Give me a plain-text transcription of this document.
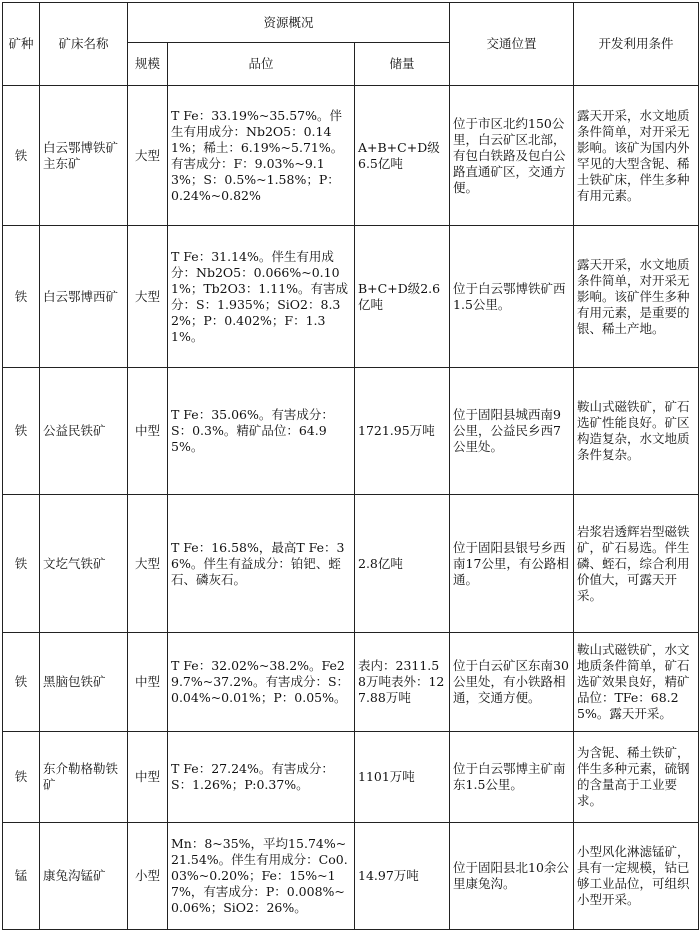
矿种	矿床名称	资源概况			交通位置	开发利用条件
		规模	品位	储量		
铁	白云鄂博铁矿主东矿	大型	T Fe：33.19%~35.57%。伴生有用成分：Nb2O5：0.141%；稀土：6.19%~5.71%。有害成分：F：9.03%~9.13%；S：0.5%~1.58%；P：0.24%~0.82%	A+B+C+D级6.5亿吨	位于市区北约150公里，白云矿区北部，有包白铁路及包白公路直通矿区，交通方便。	露天开采，水文地质条件简单，对开采无影响。该矿为国内外罕见的大型含铌、稀土铁矿床，伴生多种有用元素。
铁	白云鄂博西矿	大型	T Fe：31.14%。伴生有用成分：Nb2O5：0.066%~0.101%；Tb2O3：1.11%。有害成分：S：1.935%；SiO2：8.32%；P：0.402%；F：1.31%。	B+C+D级2.6亿吨	位于白云鄂博铁矿西1.5公里。	露天开采，水文地质条件简单，对开采无影响。该矿伴生多种有用元素，是重要的银、稀土产地。
铁	公益民铁矿	中型	T Fe：35.06%。有害成分：S：0.3%。精矿品位：64.95%。	1721.95万吨	位于固阳县城西南9公里，公益民乡西7公里处。	鞍山式磁铁矿，矿石选矿性能良好。矿区构造复杂，水文地质条件复杂。
铁	文圪气铁矿	大型	T Fe：16.58%，最高T Fe：36%。伴生有益成分：铂钯、蛭石、磷灰石。	2.8亿吨	位于固阳县银号乡西南17公里，有公路相通。	岩浆岩透辉岩型磁铁矿，矿石易选。伴生磷、蛭石，综合利用价值大，可露天开采。
铁	黑脑包铁矿	中型	T Fe：32.02%~38.2%。Fe29.7%~37.2%。有害成分：S：0.04%~0.01%；P：0.05%。	表内：2311.58万吨表外：127.88万吨	位于白云矿区东南30公里处，有小铁路相通，交通方便。	鞍山式磁铁矿，水文地质条件简单，矿石选矿效果良好，精矿品位：TFe：68.25%。露天开采。
铁	东介勒格勒铁矿	中型	T Fe：27.24%。有害成分：S：1.26%；P:0.37%。	1101万吨	位于白云鄂博主矿南东1.5公里。	为含铌、稀土铁矿，伴生多种元素，硫钢的含量高于工业要求。
锰	康兔沟锰矿	小型	Mn：8~35%，平均15.74%~21.54%。伴生有用成分：Co0.03%~0.20%；Fe：15%~17%，有害成分：P：0.008%~0.06%；SiO2：26%。	14.97万吨	位于固阳县北10余公里康兔沟。	小型风化淋滤锰矿，具有一定规模，钴已够工业品位，可组织小型开采。
